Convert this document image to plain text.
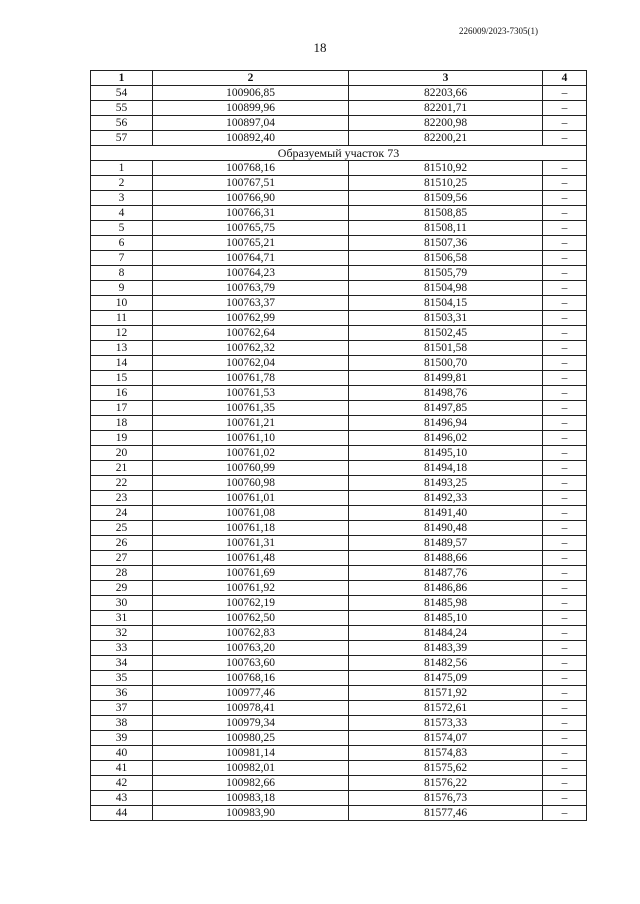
226009/2023-7305(1)
18
1	2	3	4
54	100906,85	82203,66	–
55	100899,96	82201,71	–
56	100897,04	82200,98	–
57	100892,40	82200,21	–
Образуемый участок 73			
1	100768,16	81510,92	–
2	100767,51	81510,25	–
3	100766,90	81509,56	–
4	100766,31	81508,85	–
5	100765,75	81508,11	–
6	100765,21	81507,36	–
7	100764,71	81506,58	–
8	100764,23	81505,79	–
9	100763,79	81504,98	–
10	100763,37	81504,15	–
11	100762,99	81503,31	–
12	100762,64	81502,45	–
13	100762,32	81501,58	–
14	100762,04	81500,70	–
15	100761,78	81499,81	–
16	100761,53	81498,76	–
17	100761,35	81497,85	–
18	100761,21	81496,94	–
19	100761,10	81496,02	–
20	100761,02	81495,10	–
21	100760,99	81494,18	–
22	100760,98	81493,25	–
23	100761,01	81492,33	–
24	100761,08	81491,40	–
25	100761,18	81490,48	–
26	100761,31	81489,57	–
27	100761,48	81488,66	–
28	100761,69	81487,76	–
29	100761,92	81486,86	–
30	100762,19	81485,98	–
31	100762,50	81485,10	–
32	100762,83	81484,24	–
33	100763,20	81483,39	–
34	100763,60	81482,56	–
35	100768,16	81475,09	–
36	100977,46	81571,92	–
37	100978,41	81572,61	–
38	100979,34	81573,33	–
39	100980,25	81574,07	–
40	100981,14	81574,83	–
41	100982,01	81575,62	–
42	100982,66	81576,22	–
43	100983,18	81576,73	–
44	100983,90	81577,46	–
